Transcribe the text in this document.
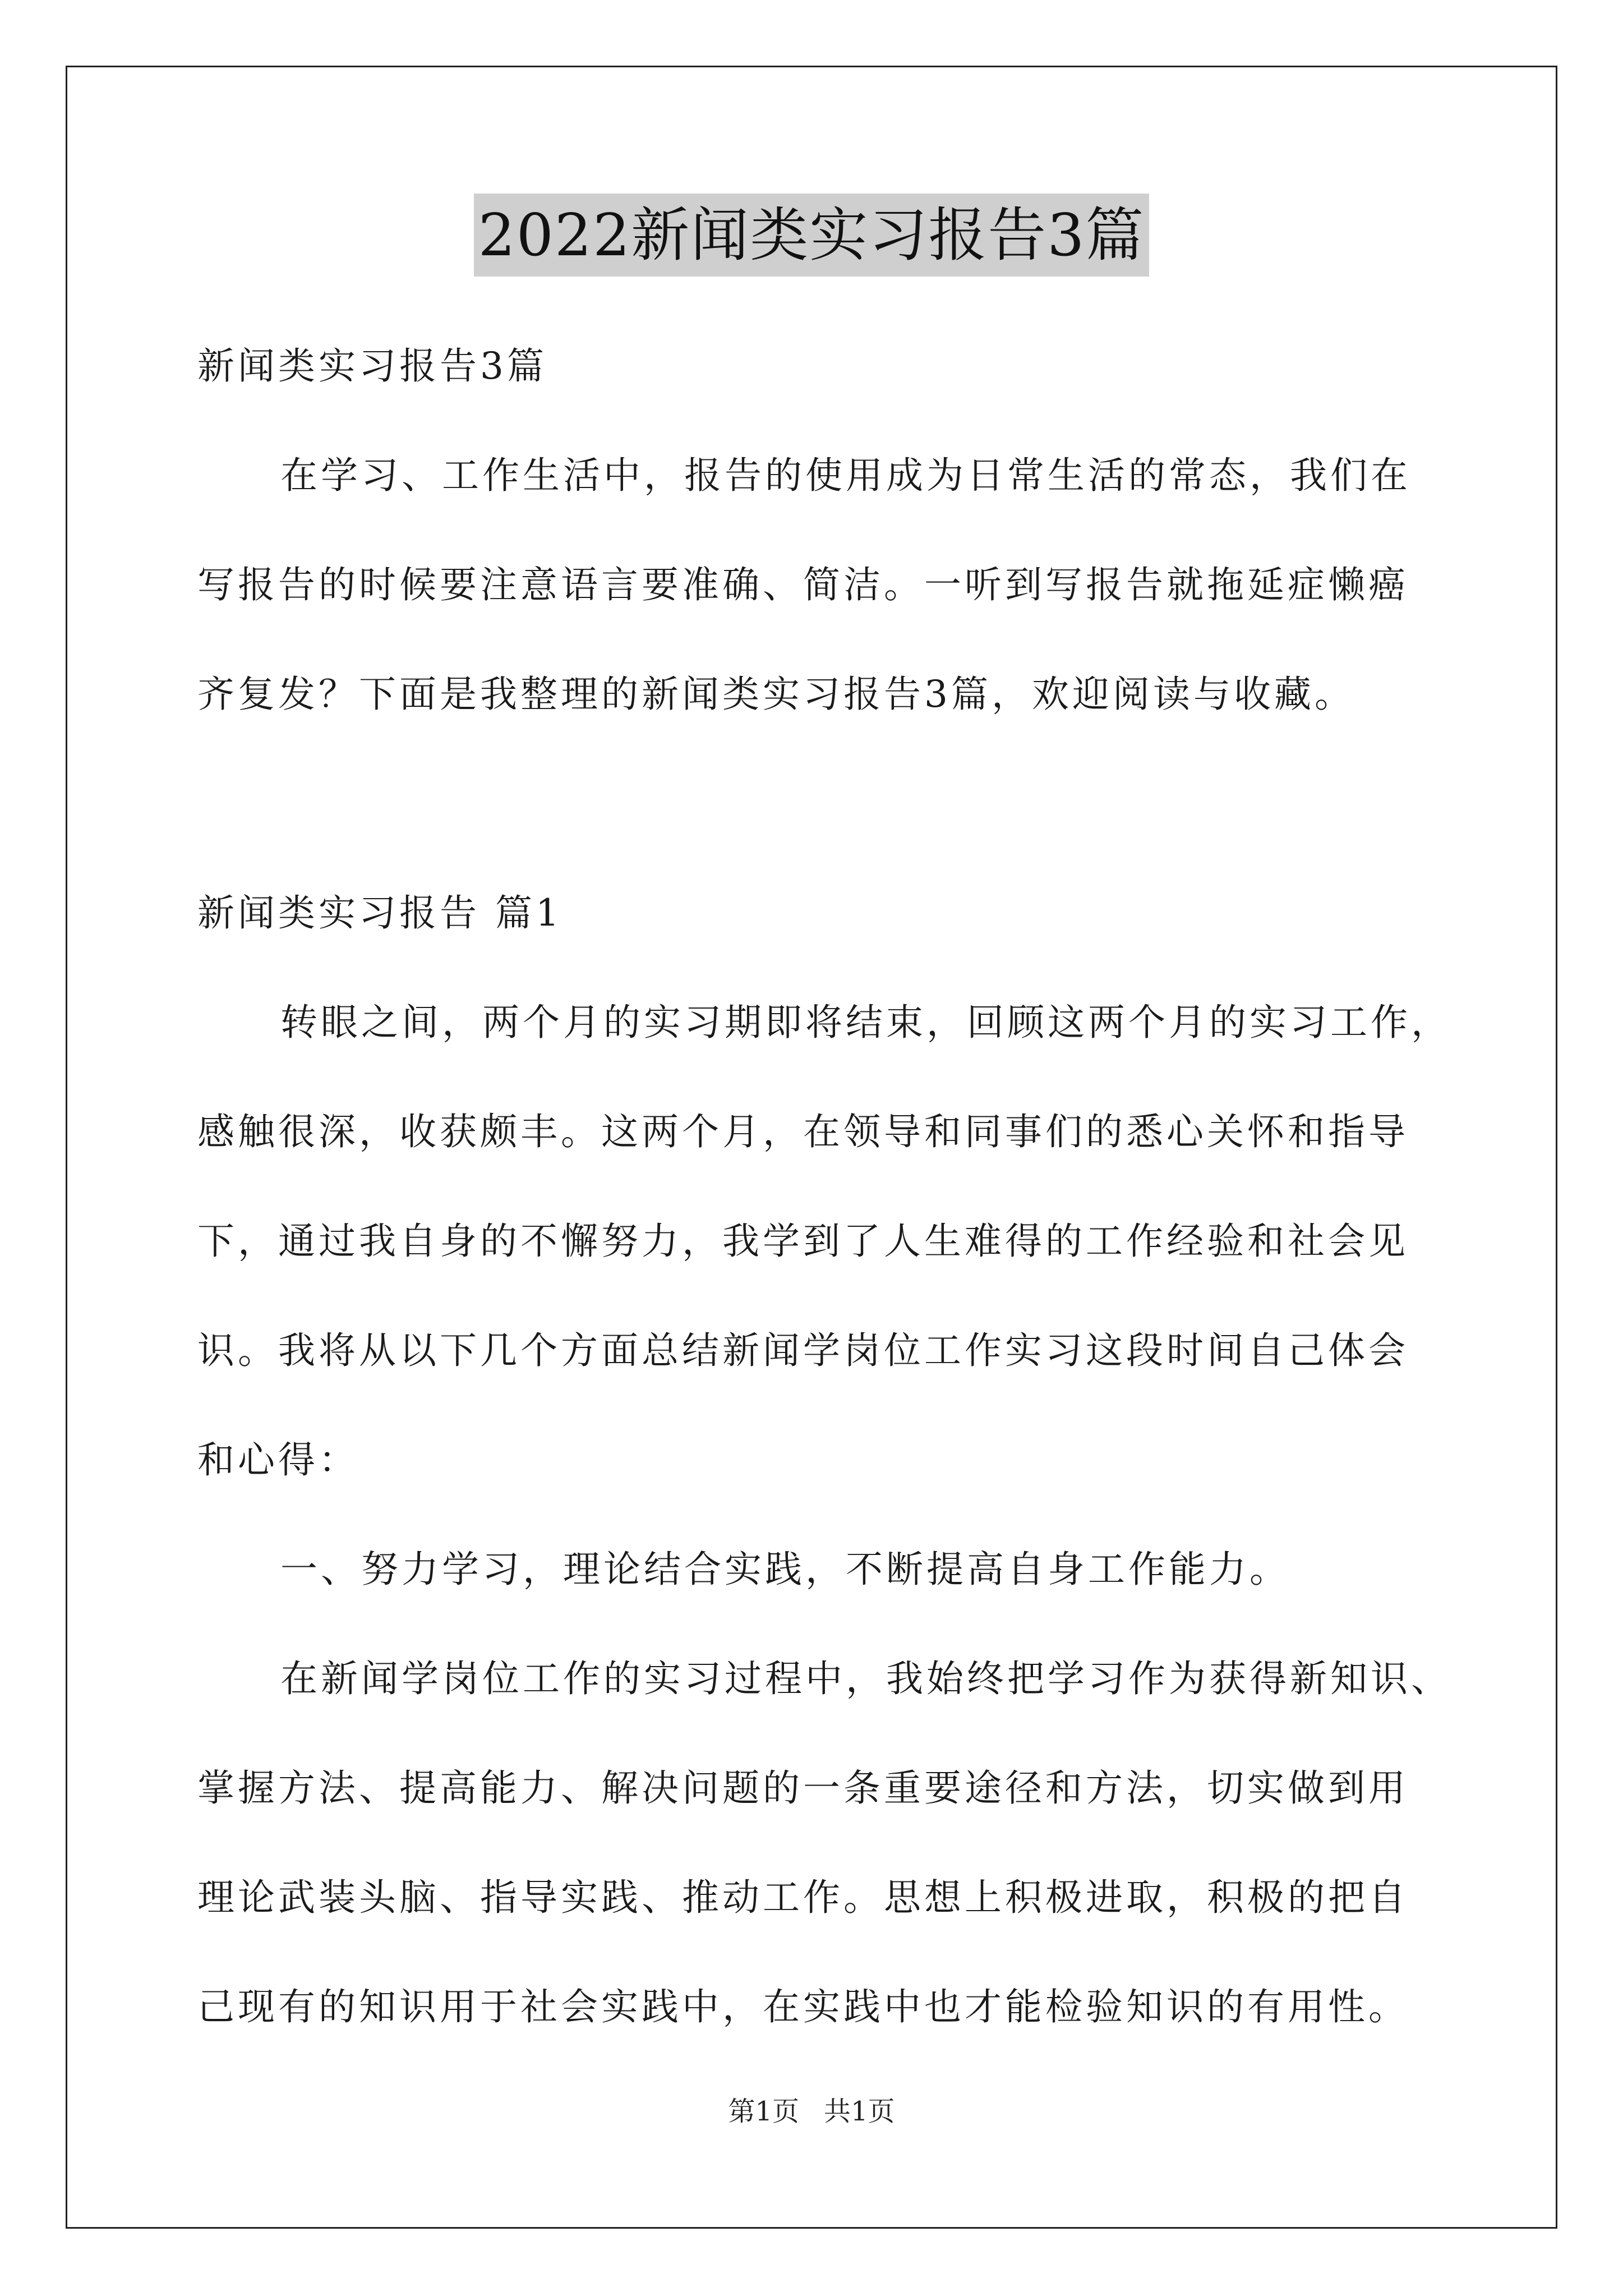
2022新闻类实习报告3篇
新闻类实习报告3篇
在学习、工作生活中，报告的使用成为日常生活的常态，我们在
写报告的时候要注意语言要准确、简洁。一听到写报告就拖延症懒癌
齐复发？下面是我整理的新闻类实习报告3篇，欢迎阅读与收藏。
新闻类实习报告 篇1
转眼之间，两个月的实习期即将结束，回顾这两个月的实习工作，
感触很深，收获颇丰。这两个月，在领导和同事们的悉心关怀和指导
下，通过我自身的不懈努力，我学到了人生难得的工作经验和社会见
识。我将从以下几个方面总结新闻学岗位工作实习这段时间自己体会
和心得：
一、努力学习，理论结合实践，不断提高自身工作能力。
在新闻学岗位工作的实习过程中，我始终把学习作为获得新知识、
掌握方法、提高能力、解决问题的一条重要途径和方法，切实做到用
理论武装头脑、指导实践、推动工作。思想上积极进取，积极的把自
己现有的知识用于社会实践中，在实践中也才能检验知识的有用性。
第1页 共1页
